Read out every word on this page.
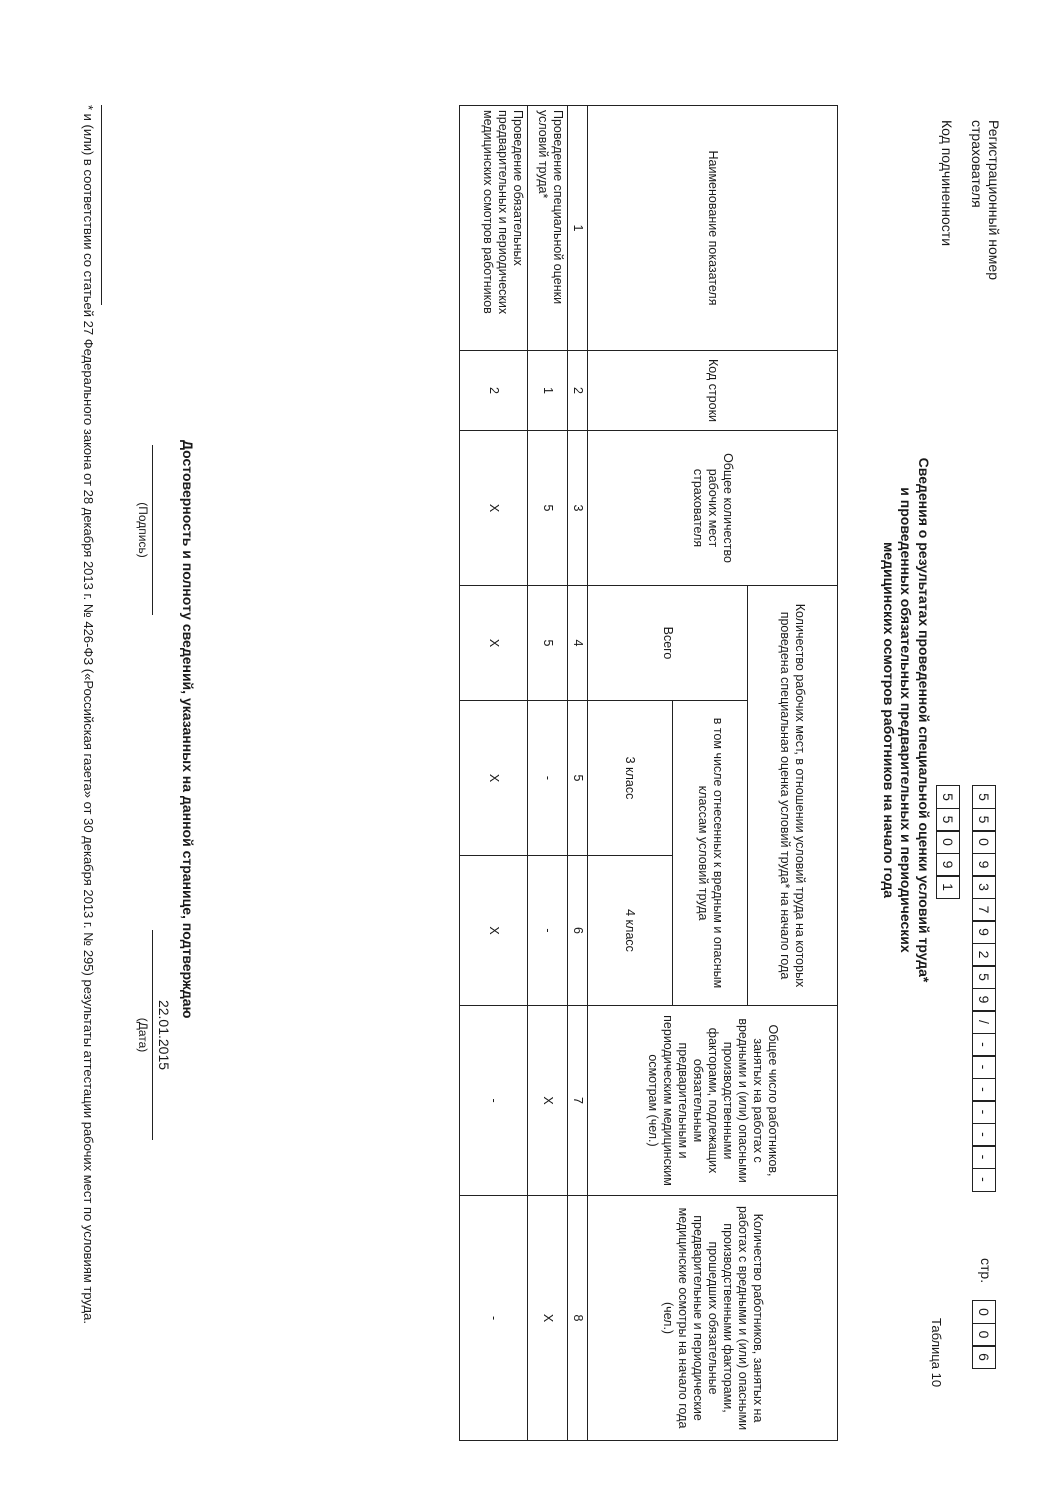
Регистрационный номер страхователя
Код подчиненности
5
5
0
9
3
7
9
2
5
9
/
-
-
-
-
-
-
-
5
5
0
9
1
стр.
0
0
6
Таблица 10
Сведения о результатах проведенной специальной оценки условий труда*
и проведенных обязательных предварительных и периодических
медицинских осмотров работников на начало года
Наименование показателя	Код строки	Общее количество рабочих мест страхователя	Количество рабочих мест, в отношении условий труда на которых проведена специальная оценка условий труда* на начало года			Общее число работников, занятых на работах с вредными и (или) опасными производственными факторами, подлежащих обязательным предварительным и периодическим медицинским осмотрам (чел.)	Количество работников, занятых на работах с вредными и (или) опасными производственными факторами, прошедших обязательные предварительные и периодические медицинские осмотры на начало года (чел.)
			Всего	в том числе отнесенных к вредным и опасным классам условий труда			
				3 класс	4 класс		
1	2	3	4	5	6	7	8
Проведение специальной оценки условий труда*	1	5	5	-	-	X	X
Проведение обязательных предварительных и периодических медицинских осмотров работников	2	X	X	X	X	-	-
Достоверность и полноту сведений, указанных на данной странице, подтверждаю
(Подпись)
22.01.2015
(Дата)
* и (или) в соответствии со статьей 27 Федерального закона от 28 декабря 2013 г. № 426-ФЗ («Российская газета» от 30 декабря 2013 г. № 295) результаты аттестации рабочих мест по условиям труда.
